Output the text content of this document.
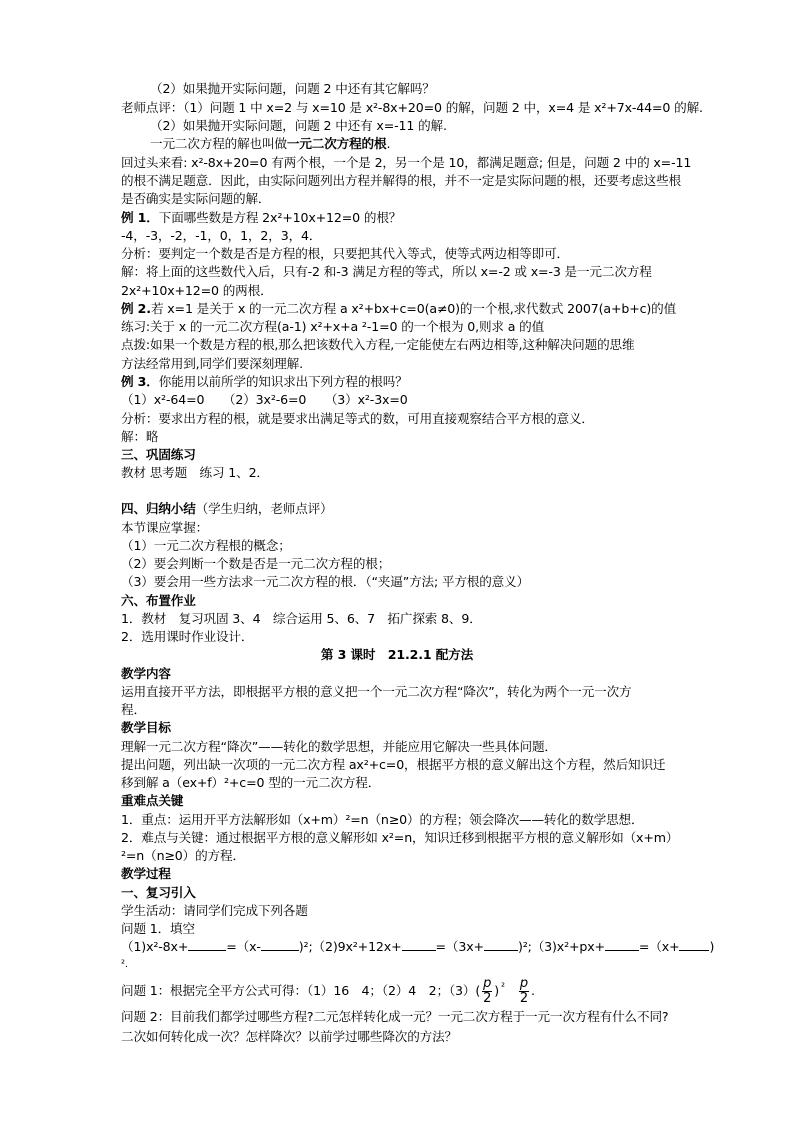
（2）如果抛开实际问题，问题 2 中还有其它解吗？
老师点评：（1）问题 1 中 x=2 与 x=10 是 x²-8x+20=0 的解，问题 2 中，x=4 是 x²+7x-44=0 的解.
（2）如果抛开实际问题，问题 2 中还有 x=-11 的解.
一元二次方程的解也叫做一元二次方程的根.
回过头来看: x²-8x+20=0 有两个根，一个是 2，另一个是 10，都满足题意; 但是，问题 2 中的 x=-11
的根不满足题意．因此，由实际问题列出方程并解得的根，并不一定是实际问题的根，还要考虑这些根
是否确实是实际问题的解．
例 1．下面哪些数是方程 2x²+10x+12=0 的根？
-4，-3，-2，-1，0，1，2，3，4．
分析：要判定一个数是否是方程的根，只要把其代入等式，使等式两边相等即可．
解：将上面的这些数代入后，只有-2 和-3 满足方程的等式，所以 x=-2 或 x=-3 是一元二次方程
2x²+10x+12=0 的两根．
例 2.若 x=1 是关于 x 的一元二次方程 a x²+bx+c=0(a≠0)的一个根,求代数式 2007(a+b+c)的值
练习:关于 x 的一元二次方程(a-1) x²+x+a ²-1=0 的一个根为 0,则求 a 的值
点拨:如果一个数是方程的根,那么把该数代入方程,一定能使左右两边相等,这种解决问题的思维
方法经常用到,同学们要深刻理解.
例 3．你能用以前所学的知识求出下列方程的根吗？
（1）x²-64=0　　（2）3x²-6=0　　（3）x²-3x=0
分析：要求出方程的根，就是要求出满足等式的数，可用直接观察结合平方根的意义．
解：略
三、巩固练习
教材 思考题　练习 1、2．
四、归纳小结（学生归纳，老师点评）
本节课应掌握：
（1）一元二次方程根的概念；
（2）要会判断一个数是否是一元二次方程的根；
（3）要会用一些方法求一元二次方程的根．（“夹逼”方法; 平方根的意义）
六、布置作业
1．教材　复习巩固 3、4　综合运用 5、6、7　拓广探索 8、9．
2．选用课时作业设计．
第 3 课时　21.2.1 配方法
教学内容
运用直接开平方法，即根据平方根的意义把一个一元二次方程“降次”，转化为两个一元一次方
程．
教学目标
理解一元二次方程“降次”——转化的数学思想，并能应用它解决一些具体问题．
提出问题，列出缺一次项的一元二次方程 ax²+c=0，根据平方根的意义解出这个方程，然后知识迁
移到解 a（ex+f）²+c=0 型的一元二次方程．
重难点关键
1．重点：运用开平方法解形如（x+m）²=n（n≥0）的方程；领会降次——转化的数学思想．
2．难点与关键：通过根据平方根的意义解形如 x²=n，知识迁移到根据平方根的意义解形如（x+m）
²=n（n≥0）的方程．
教学过程
一、复习引入
学生活动：请同学们完成下列各题
问题 1．填空
（1)x²-8x+	=（x-	)²;（2)9x²+12x+	=（3x+	)²;（3)x²+px+	=（x+ )
².
问题 1：根据完全平方公式可得：（1）16　4；（2）4　2；$(3)( \frac{p}{2}$ ) $^{^2} \frac{p}{2}$ .
问题 2：目前我们都学过哪些方程?二元怎样转化成一元？一元二次方程于一元一次方程有什么不同?
二次如何转化成一次？怎样降次？以前学过哪些降次的方法？
